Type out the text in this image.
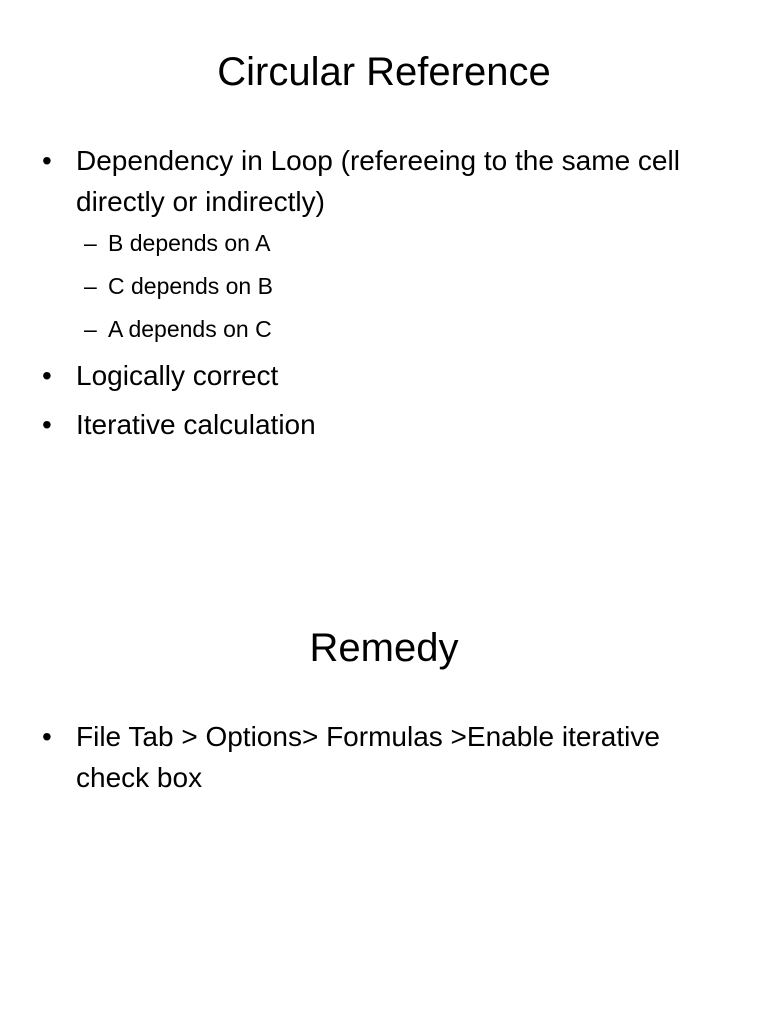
Circular Reference
• Dependency in Loop (refereeing to the same cell directly or indirectly)
– B depends on A
– C depends on B
– A depends on C
• Logically correct
• Iterative calculation
Remedy
• File Tab > Options> Formulas >Enable iterative check box
